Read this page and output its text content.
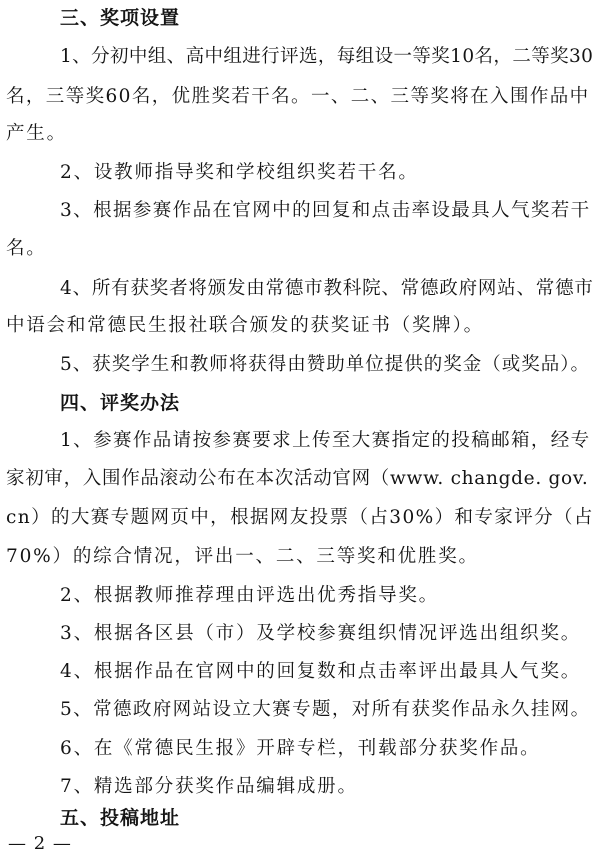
三、奖项设置
1、分初中组、高中组进行评选，每组设一等奖10名，二等奖30
名，三等奖60名，优胜奖若干名。一、二、三等奖将在入围作品中
产生。
2、设教师指导奖和学校组织奖若干名。
3、根据参赛作品在官网中的回复和点击率设最具人气奖若干
名。
4、所有获奖者将颁发由常德市教科院、常德政府网站、常德市
中语会和常德民生报社联合颁发的获奖证书（奖牌）。
5、获奖学生和教师将获得由赞助单位提供的奖金（或奖品）。
四、评奖办法
1、参赛作品请按参赛要求上传至大赛指定的投稿邮箱，经专
家初审，入围作品滚动公布在本次活动官网（www. changde. gov.
cn）的大赛专题网页中，根据网友投票（占30%）和专家评分（占
70%）的综合情况，评出一、二、三等奖和优胜奖。
2、根据教师推荐理由评选出优秀指导奖。
3、根据各区县（市）及学校参赛组织情况评选出组织奖。
4、根据作品在官网中的回复数和点击率评出最具人气奖。
5、常德政府网站设立大赛专题，对所有获奖作品永久挂网。
6、在《常德民生报》开辟专栏，刊载部分获奖作品。
7、精选部分获奖作品编辑成册。
五、投稿地址
— 2 —
